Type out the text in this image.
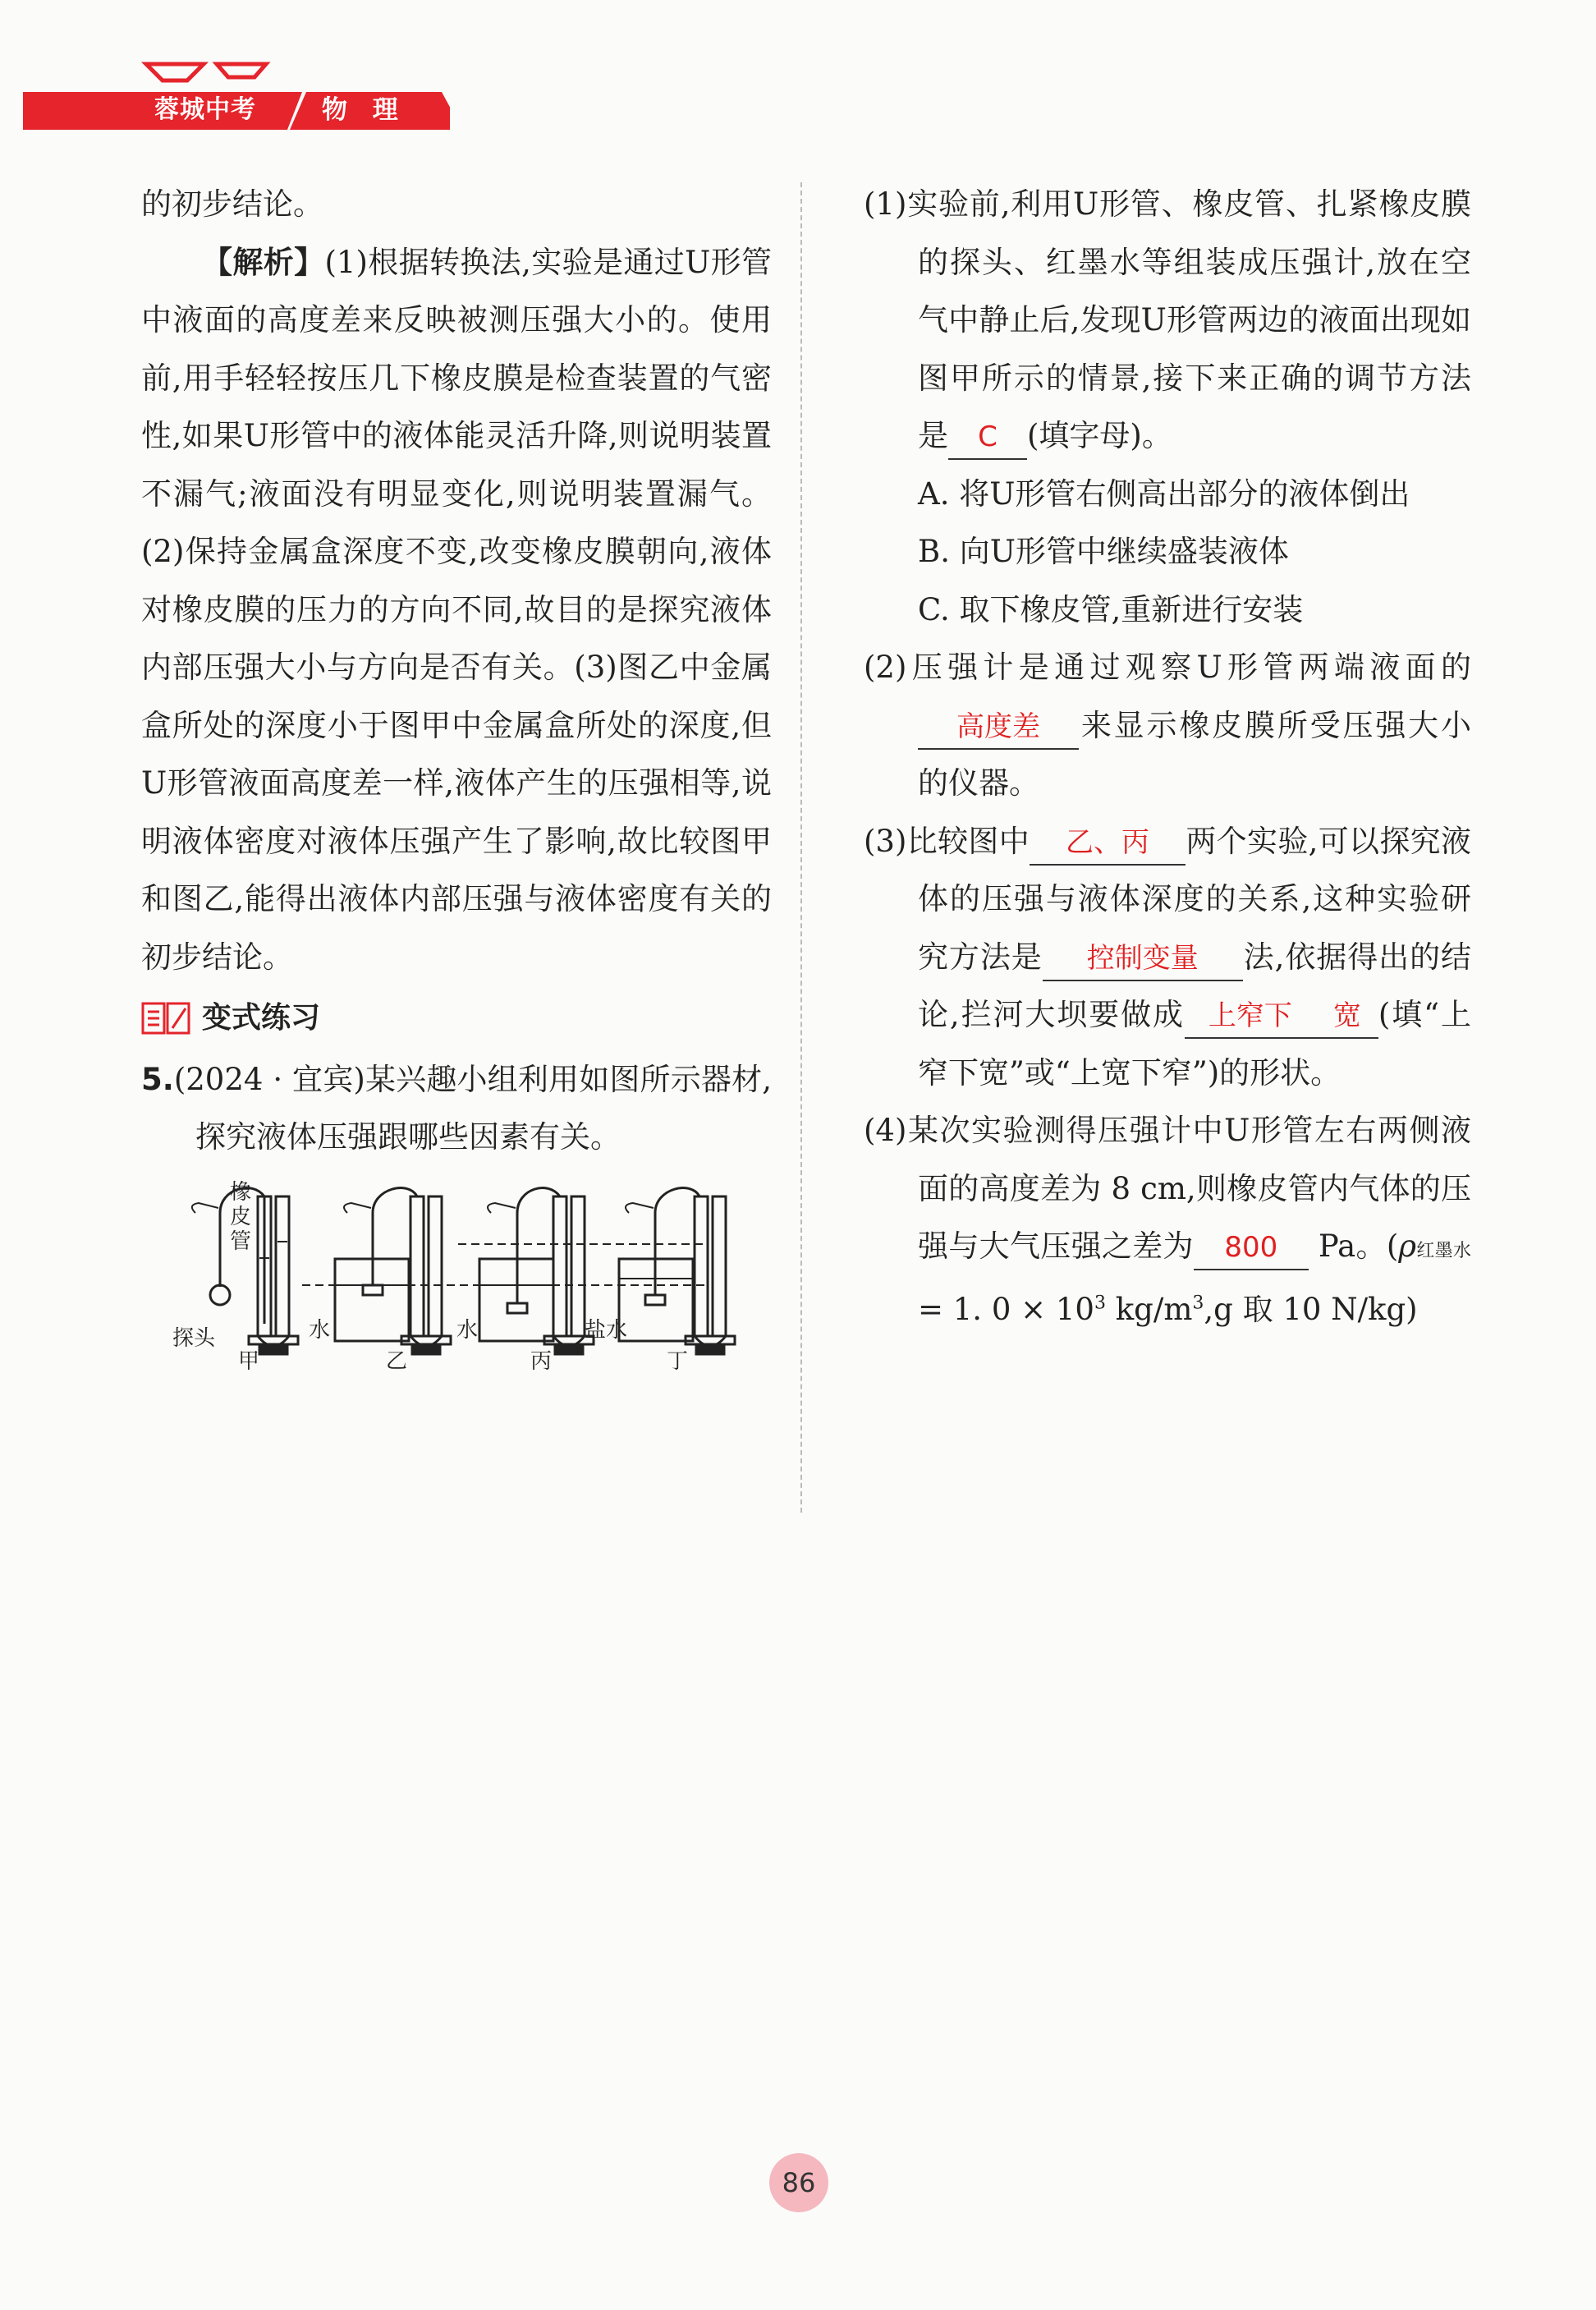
蓉城中考	物 理

的初步结论。

【解析】(1)根据转换法,实验是通过U形管中液面的高度差来反映被测压强大小的。使用前,用手轻轻按压几下橡皮膜是检查装置的气密性,如果U形管中的液体能灵活升降,则说明装置不漏气;液面没有明显变化,则说明装置漏气。(2)保持金属盒深度不变,改变橡皮膜朝向,液体对橡皮膜的压力的方向不同,故目的是探究液体内部压强大小与方向是否有关。(3)图乙中金属盒所处的深度小于图甲中金属盒所处的深度,但U形管液面高度差一样,液体产生的压强相等,说明液体密度对液体压强产生了影响,故比较图甲和图乙,能得出液体内部压强与液体密度有关的初步结论。

变式练习

5.(2024 · 宜宾)某兴趣小组利用如图所示器材,探究液体压强跟哪些因素有关。

橡皮管
探头	水	水	盐水
甲	乙	丙	丁

(1)实验前,利用U形管、橡皮管、扎紧橡皮膜的探头、红墨水等组装成压强计,放在空气中静止后,发现U形管两边的液面出现如图甲所示的情景,接下来正确的调节方法是 C (填字母)。

A. 将U形管右侧高出部分的液体倒出

B. 向U形管中继续盛装液体

C. 取下橡皮管,重新进行安装

(2)压强计是通过观察U形管两端液面的高度差 来显示橡皮膜所受压强大小的仪器。

(3)比较图中 乙、丙 两个实验,可以探究液体的压强与液体深度的关系,这种实验研究方法是 控制变量 法,依据得出的结论,拦河大坝要做成 上窄下 宽 (填“上窄下宽”或“上宽下窄”)的形状。

(4)某次实验测得压强计中U形管左右两侧液面的高度差为 8 cm,则橡皮管内气体的压强与大气压强之差为 800 Pa。(ρ红墨水 = 1. $0 \times 10^3$ $kg/m^3,g$ 取 10 N/kg)

86
